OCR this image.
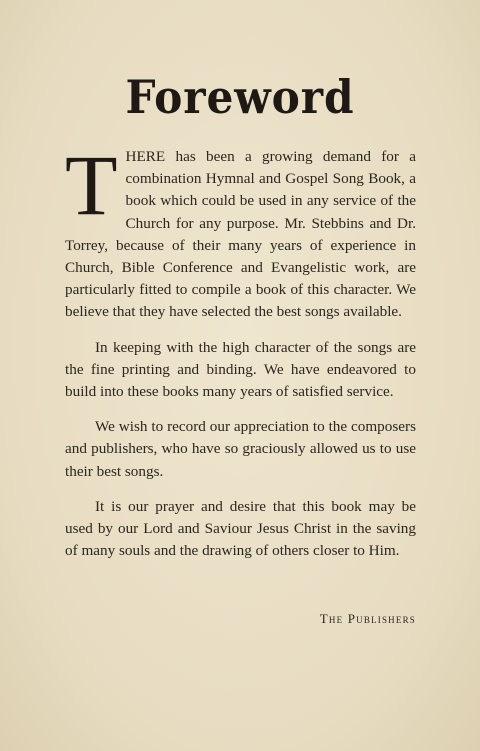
Foreword

THERE has been a growing demand for a combination Hymnal and Gospel Song Book, a book which could be used in any service of the Church for any purpose. Mr. Stebbins and Dr. Torrey, because of their many years of experience in Church, Bible Conference and Evangelistic work, are particularly fitted to compile a book of this character. We believe that they have selected the best songs available.

In keeping with the high character of the songs are the fine printing and binding. We have endeavored to build into these books many years of satisfied service.

We wish to record our appreciation to the composers and publishers, who have so graciously allowed us to use their best songs.

It is our prayer and desire that this book may be used by our Lord and Saviour Jesus Christ in the saving of many souls and the drawing of others closer to Him.

The Publishers
